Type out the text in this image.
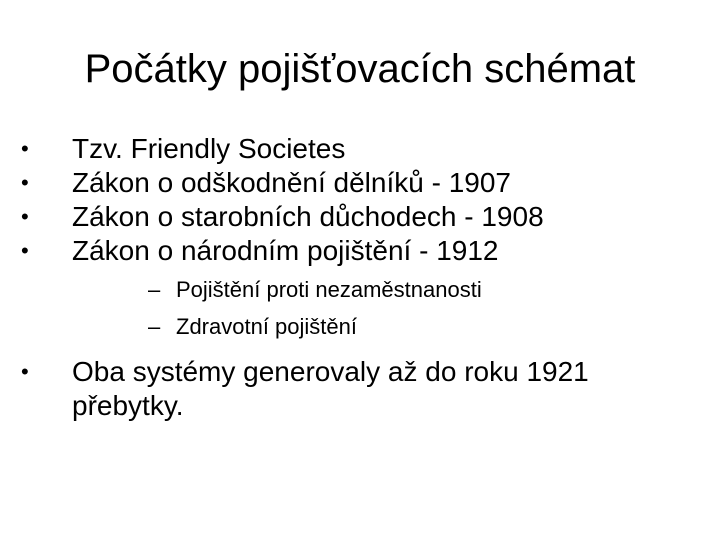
Počátky pojišťovacích schémat
•	Tzv. Friendly Societes
•	Zákon o odškodnění dělníků - 1907
•	Zákon o starobních důchodech - 1908
•	Zákon o národním pojištění - 1912
– Pojištění proti nezaměstnanosti
– Zdravotní pojištění
•	Oba systémy generovaly až do roku 1921 přebytky.
